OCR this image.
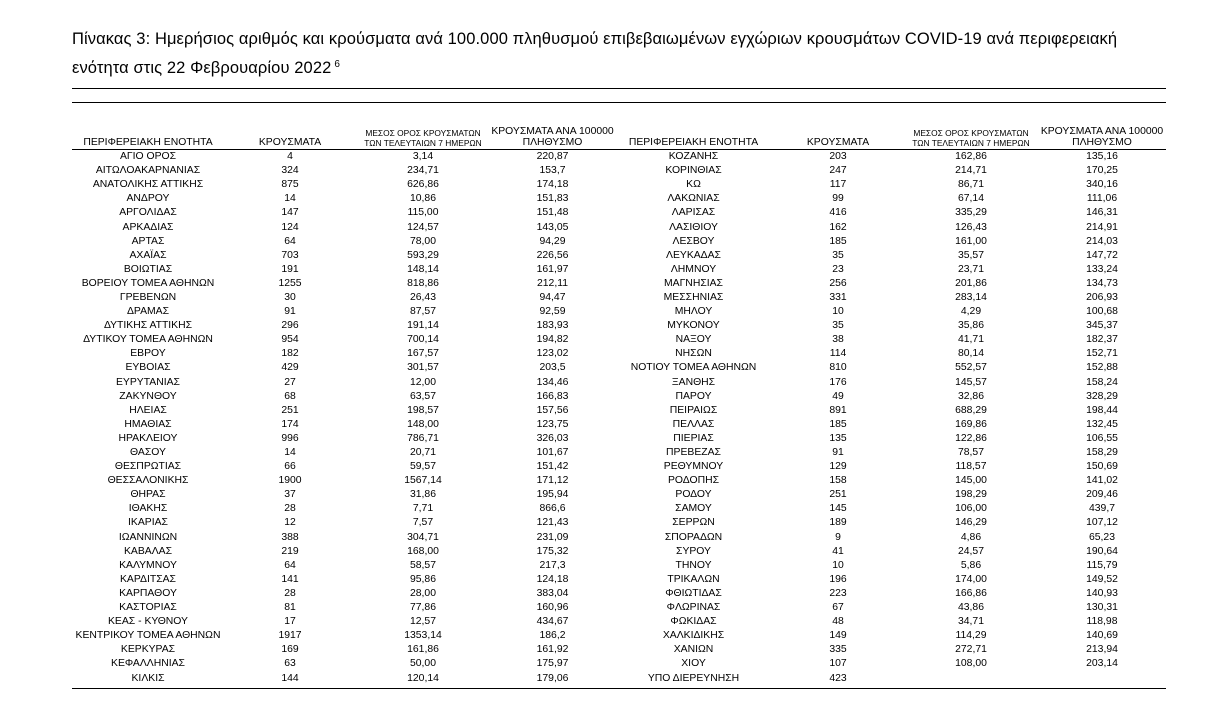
Πίνακας 3: Ημερήσιος αριθμός και κρούσματα ανά 100.000 πληθυσμού επιβεβαιωμένων εγχώριων κρουσμάτων COVID-19 ανά περιφερειακή ενότητα στις 22 Φεβρουαρίου 2022 $^6$
ΠΕΡΙΦΕΡΕΙΑΚΗ ΕΝΟΤΗΤΑ	ΚΡΟΥΣΜΑΤΑ	ΜΕΣΟΣ ΟΡΟΣ ΚΡΟΥΣΜΑΤΩΝ ΤΩΝ ΤΕΛΕΥΤΑΙΩΝ 7 ΗΜΕΡΩΝ	ΚΡΟΥΣΜΑΤΑ ΑΝΑ 100000 ΠΛΗΘΥΣΜΟ	ΠΕΡΙΦΕΡΕΙΑΚΗ ΕΝΟΤΗΤΑ	ΚΡΟΥΣΜΑΤΑ	ΜΕΣΟΣ ΟΡΟΣ ΚΡΟΥΣΜΑΤΩΝ ΤΩΝ ΤΕΛΕΥΤΑΙΩΝ 7 ΗΜΕΡΩΝ	ΚΡΟΥΣΜΑΤΑ ΑΝΑ 100000 ΠΛΗΘΥΣΜΟ
ΑΓΙΟ ΟΡΟΣ	4	3,14	220,87	ΚΟΖΑΝΗΣ	203	162,86	135,16
ΑΙΤΩΛΟΑΚΑΡΝΑΝΙΑΣ	324	234,71	153,7	ΚΟΡΙΝΘΙΑΣ	247	214,71	170,25
ΑΝΑΤΟΛΙΚΗΣ ΑΤΤΙΚΗΣ	875	626,86	174,18	ΚΩ	117	86,71	340,16
ΑΝΔΡΟΥ	14	10,86	151,83	ΛΑΚΩΝΙΑΣ	99	67,14	111,06
ΑΡΓΟΛΙΔΑΣ	147	115,00	151,48	ΛΑΡΙΣΑΣ	416	335,29	146,31
ΑΡΚΑΔΙΑΣ	124	124,57	143,05	ΛΑΣΙΘΙΟΥ	162	126,43	214,91
ΑΡΤΑΣ	64	78,00	94,29	ΛΕΣΒΟΥ	185	161,00	214,03
ΑΧΑΪΑΣ	703	593,29	226,56	ΛΕΥΚΑΔΑΣ	35	35,57	147,72
ΒΟΙΩΤΙΑΣ	191	148,14	161,97	ΛΗΜΝΟΥ	23	23,71	133,24
ΒΟΡΕΙΟΥ ΤΟΜΕΑ ΑΘΗΝΩΝ	1255	818,86	212,11	ΜΑΓΝΗΣΙΑΣ	256	201,86	134,73
ΓΡΕΒΕΝΩΝ	30	26,43	94,47	ΜΕΣΣΗΝΙΑΣ	331	283,14	206,93
ΔΡΑΜΑΣ	91	87,57	92,59	ΜΗΛΟΥ	10	4,29	100,68
ΔΥΤΙΚΗΣ ΑΤΤΙΚΗΣ	296	191,14	183,93	ΜΥΚΟΝΟΥ	35	35,86	345,37
ΔΥΤΙΚΟΥ ΤΟΜΕΑ ΑΘΗΝΩΝ	954	700,14	194,82	ΝΑΞΟΥ	38	41,71	182,37
ΕΒΡΟΥ	182	167,57	123,02	ΝΗΣΩΝ	114	80,14	152,71
ΕΥΒΟΙΑΣ	429	301,57	203,5	ΝΟΤΙΟΥ ΤΟΜΕΑ ΑΘΗΝΩΝ	810	552,57	152,88
ΕΥΡΥΤΑΝΙΑΣ	27	12,00	134,46	ΞΑΝΘΗΣ	176	145,57	158,24
ΖΑΚΥΝΘΟΥ	68	63,57	166,83	ΠΑΡΟΥ	49	32,86	328,29
ΗΛΕΙΑΣ	251	198,57	157,56	ΠΕΙΡΑΙΩΣ	891	688,29	198,44
ΗΜΑΘΙΑΣ	174	148,00	123,75	ΠΕΛΛΑΣ	185	169,86	132,45
ΗΡΑΚΛΕΙΟΥ	996	786,71	326,03	ΠΙΕΡΙΑΣ	135	122,86	106,55
ΘΑΣΟΥ	14	20,71	101,67	ΠΡΕΒΕΖΑΣ	91	78,57	158,29
ΘΕΣΠΡΩΤΙΑΣ	66	59,57	151,42	ΡΕΘΥΜΝΟΥ	129	118,57	150,69
ΘΕΣΣΑΛΟΝΙΚΗΣ	1900	1567,14	171,12	ΡΟΔΟΠΗΣ	158	145,00	141,02
ΘΗΡΑΣ	37	31,86	195,94	ΡΟΔΟΥ	251	198,29	209,46
ΙΘΑΚΗΣ	28	7,71	866,6	ΣΑΜΟΥ	145	106,00	439,7
ΙΚΑΡΙΑΣ	12	7,57	121,43	ΣΕΡΡΩΝ	189	146,29	107,12
ΙΩΑΝΝΙΝΩΝ	388	304,71	231,09	ΣΠΟΡΑΔΩΝ	9	4,86	65,23
ΚΑΒΑΛΑΣ	219	168,00	175,32	ΣΥΡΟΥ	41	24,57	190,64
ΚΑΛΥΜΝΟΥ	64	58,57	217,3	ΤΗΝΟΥ	10	5,86	115,79
ΚΑΡΔΙΤΣΑΣ	141	95,86	124,18	ΤΡΙΚΑΛΩΝ	196	174,00	149,52
ΚΑΡΠΑΘΟΥ	28	28,00	383,04	ΦΘΙΩΤΙΔΑΣ	223	166,86	140,93
ΚΑΣΤΟΡΙΑΣ	81	77,86	160,96	ΦΛΩΡΙΝΑΣ	67	43,86	130,31
ΚΕΑΣ - ΚΥΘΝΟΥ	17	12,57	434,67	ΦΩΚΙΔΑΣ	48	34,71	118,98
ΚΕΝΤΡΙΚΟΥ ΤΟΜΕΑ ΑΘΗΝΩΝ	1917	1353,14	186,2	ΧΑΛΚΙΔΙΚΗΣ	149	114,29	140,69
ΚΕΡΚΥΡΑΣ	169	161,86	161,92	ΧΑΝΙΩΝ	335	272,71	213,94
ΚΕΦΑΛΛΗΝΙΑΣ	63	50,00	175,97	ΧΙΟΥ	107	108,00	203,14
ΚΙΛΚΙΣ	144	120,14	179,06	ΥΠΟ ΔΙΕΡΕΥΝΗΣΗ	423		
